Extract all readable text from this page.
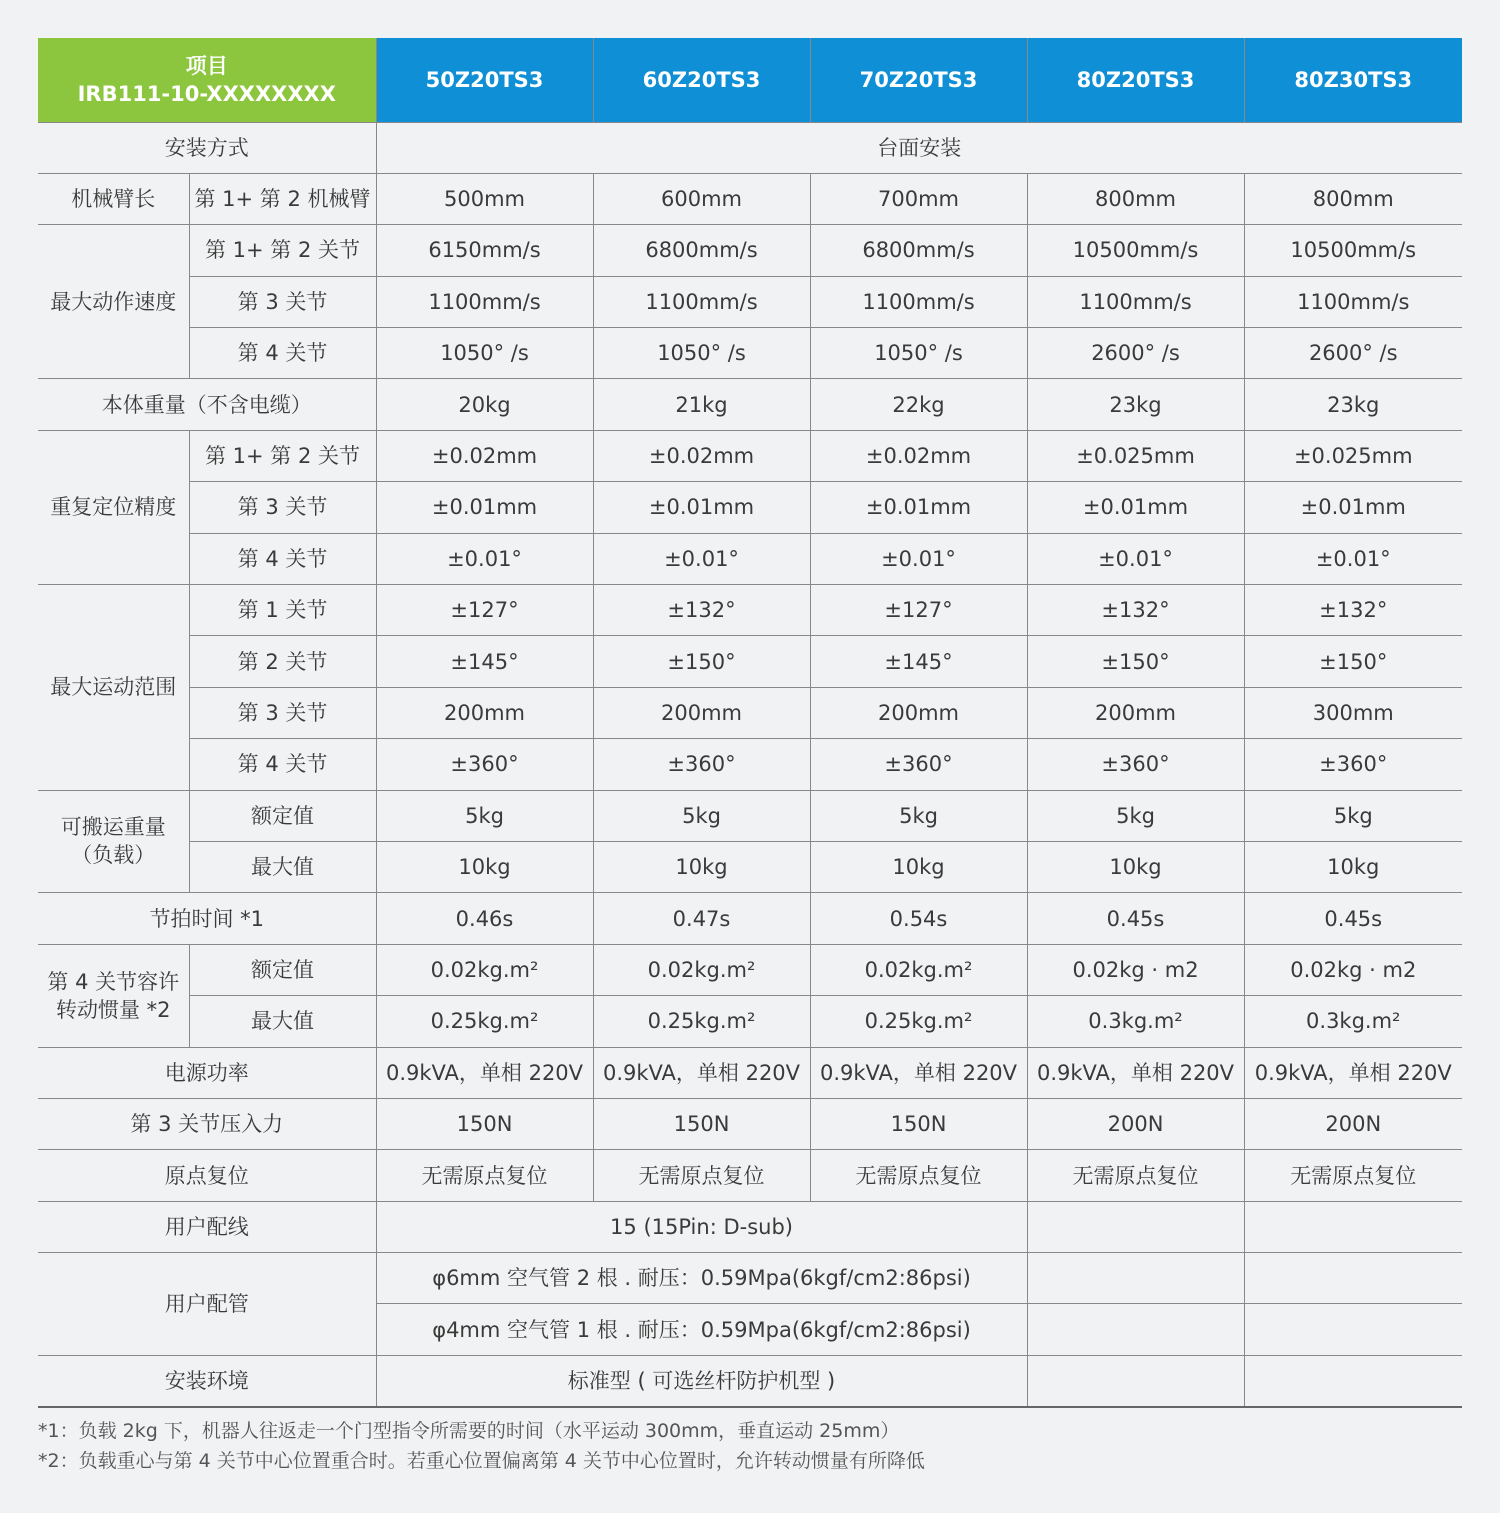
项目
IRB111-10-XXXXXXXX		50Z20TS3	60Z20TS3	70Z20TS3	80Z20TS3	80Z30TS3
安装方式		台面安装				
机械臂长	第 1+ 第 2 机械臂	500mm	600mm	700mm	800mm	800mm
最大动作速度	第 1+ 第 2 关节	6150mm/s	6800mm/s	6800mm/s	10500mm/s	10500mm/s
	第 3 关节	1100mm/s	1100mm/s	1100mm/s	1100mm/s	1100mm/s
	第 4 关节	1050° /s	1050° /s	1050° /s	2600° /s	2600° /s
本体重量（不含电缆）		20kg	21kg	22kg	23kg	23kg
重复定位精度	第 1+ 第 2 关节	±0.02mm	±0.02mm	±0.02mm	±0.025mm	±0.025mm
	第 3 关节	±0.01mm	±0.01mm	±0.01mm	±0.01mm	±0.01mm
	第 4 关节	±0.01°	±0.01°	±0.01°	±0.01°	±0.01°
最大运动范围	第 1 关节	±127°	±132°	±127°	±132°	±132°
	第 2 关节	±145°	±150°	±145°	±150°	±150°
	第 3 关节	200mm	200mm	200mm	200mm	300mm
	第 4 关节	±360°	±360°	±360°	±360°	±360°

可搬运重量
（负载）	额定值	5kg	5kg	5kg	5kg	5kg
	最大值	10kg	10kg	10kg	10kg	10kg
节拍时间 *1		0.46s	0.47s	0.54s	0.45s	0.45s

第 4 关节容许
转动惯量 *2	额定值	0.02kg.m²	0.02kg.m²	0.02kg.m²	0.02kg · m2	0.02kg · m2
	最大值	0.25kg.m²	0.25kg.m²	0.25kg.m²	0.3kg.m²	0.3kg.m²
电源功率		0.9kVA，单相 220V	0.9kVA，单相 220V	0.9kVA，单相 220V	0.9kVA，单相 220V	0.9kVA，单相 220V
第 3 关节压入力		150N	150N	150N	200N	200N
原点复位		无需原点复位	无需原点复位	无需原点复位	无需原点复位	无需原点复位
用户配线		15 (15Pin: D-sub)				
用户配管		φ6mm 空气管 2 根 . 耐压：0.59Mpa(6kgf/cm2:86psi)				
		φ4mm 空气管 1 根 . 耐压：0.59Mpa(6kgf/cm2:86psi)				
安装环境		标准型 ( 可选丝杆防护机型 )				
*1：负载 2kg 下，机器人往返走一个门型指令所需要的时间（水平运动 300mm，垂直运动 25mm）
*2：负载重心与第 4 关节中心位置重合时。若重心位置偏离第 4 关节中心位置时，允许转动惯量有所降低
